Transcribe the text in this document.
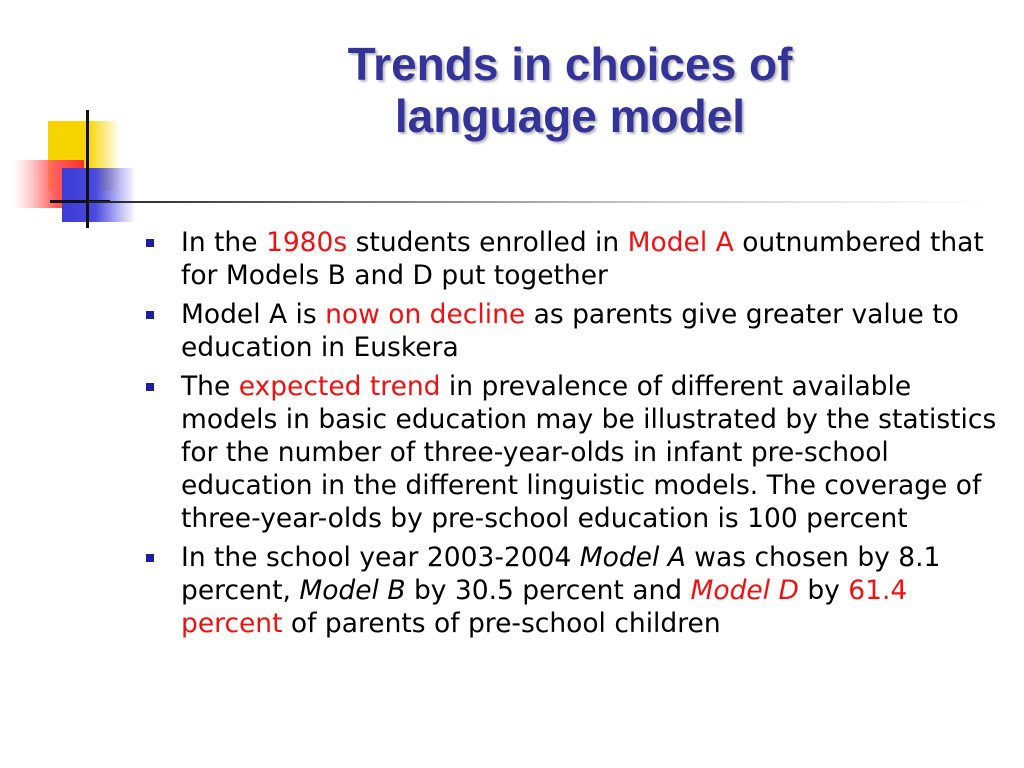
Trends in choices of
language model
In the 1980s students enrolled in Model A outnumbered that for Models B and D put together
Model A is now on decline as parents give greater value to education in Euskera
The expected trend in prevalence of different available models in basic education may be illustrated by the statistics for the number of three-year-olds in infant pre-school education in the different linguistic models. The coverage of three-year-olds by pre-school education is 100 percent
In the school year 2003-2004 Model A was chosen by 8.1 percent, Model B by 30.5 percent and Model D by 61.4 percent of parents of pre-school children
